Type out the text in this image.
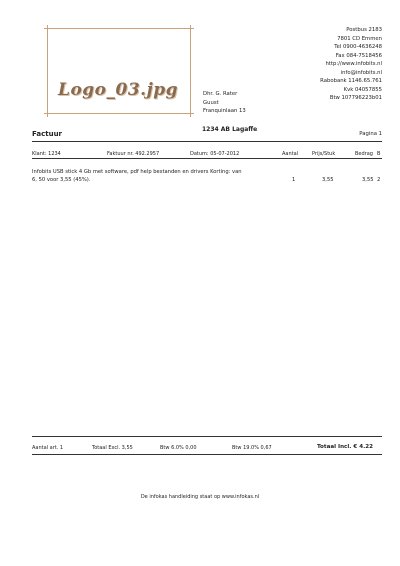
Logo_03.jpg
Postbus 2183
7801 CD Emmen
Tel 0900-4636248
Fax 084-7518456
http://www.infobits.nl
info@infobits.nl
Rabobank 1146.65.761
Kvk 04057855
Btw 107796223b01
Dhr. G. Rater
Guust
Franquinlaan 13
1234 AB Lagaffe
Factuur	Pagina 1
Klant: 1234	Faktuur nr. 492.2957	Datum: 05-07-2012	Aantal	Prijs/Stuk	Bedrag B
Infobits USB stick 4 Gb met software, pdf help bestanden en drivers Korting: van 6, 50 voor 3,55 (45%).	1	3,55	3,55 2
Aantal art. 1	Totaal Excl. 3,55	Btw 6.0% 0,00	Btw 19.0% 0,67	Totaal Incl. € 4.22
De infokas handleiding staat op www.infokas.nl
